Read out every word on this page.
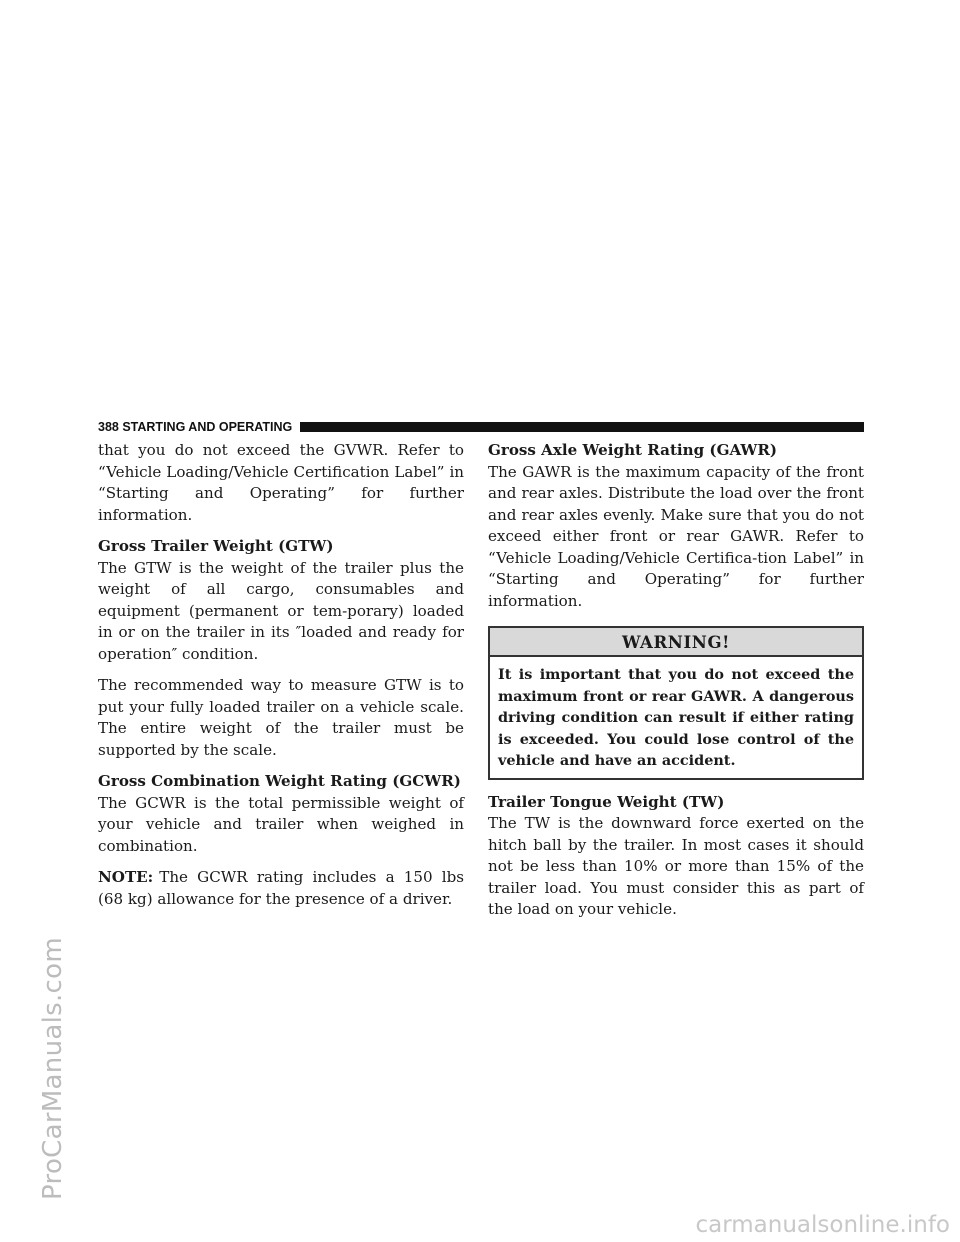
ProCarManuals.com
carmanualsonline.info
388 STARTING AND OPERATING

that you do not exceed the GVWR. Refer to “Vehicle Loading/Vehicle Certification Label” in “Starting and Operating” for further information.

Gross Trailer Weight (GTW)

The GTW is the weight of the trailer plus the weight of all cargo, consumables and equipment (permanent or tem-porary) loaded in or on the trailer in its ″loaded and ready for operation″ condition.

The recommended way to measure GTW is to put your fully loaded trailer on a vehicle scale. The entire weight of the trailer must be supported by the scale.

Gross Combination Weight Rating (GCWR)

The GCWR is the total permissible weight of your vehicle and trailer when weighed in combination.

NOTE: The GCWR rating includes a 150 lbs (68 kg) allowance for the presence of a driver.

Gross Axle Weight Rating (GAWR)

The GAWR is the maximum capacity of the front and rear axles. Distribute the load over the front and rear axles evenly. Make sure that you do not exceed either front or rear GAWR. Refer to “Vehicle Loading/Vehicle Certifica-tion Label” in “Starting and Operating” for further information.

WARNING!

It is important that you do not exceed the maximum front or rear GAWR. A dangerous driving condition can result if either rating is exceeded. You could lose control of the vehicle and have an accident.

Trailer Tongue Weight (TW)

The TW is the downward force exerted on the hitch ball by the trailer. In most cases it should not be less than 10% or more than 15% of the trailer load. You must consider this as part of the load on your vehicle.
